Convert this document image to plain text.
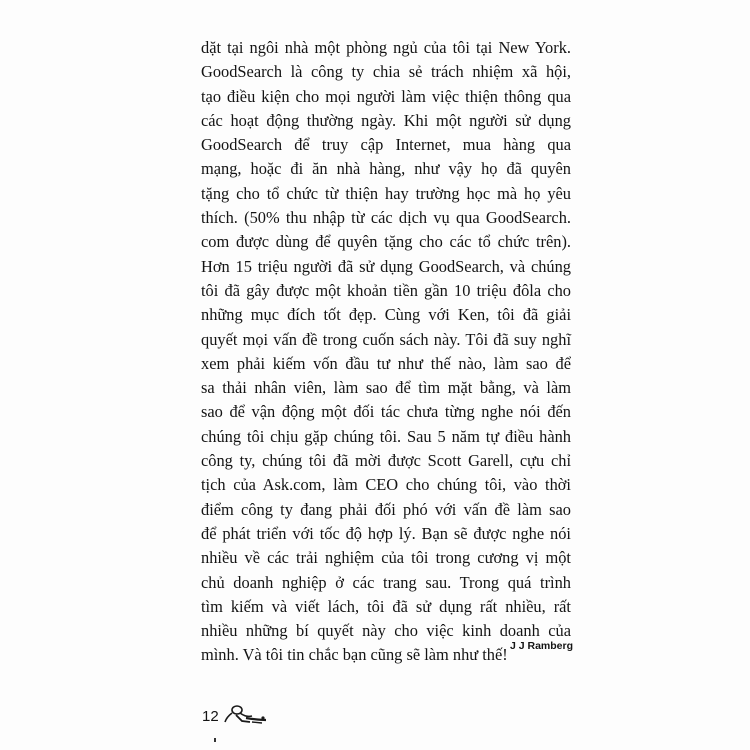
dặt tại ngôi nhà một phòng ngủ của tôi tại New York.
GoodSearch là công ty chia sẻ trách nhiệm xã hội,
tạo điều kiện cho mọi người làm việc thiện thông qua
các hoạt động thường ngày. Khi một người sử dụng
GoodSearch để truy cập Internet, mua hàng qua
mạng, hoặc đi ăn nhà hàng, như vậy họ đã quyên
tặng cho tổ chức từ thiện hay trường học mà họ yêu
thích. (50% thu nhập từ các dịch vụ qua GoodSearch.
com được dùng để quyên tặng cho các tổ chức trên).
Hơn 15 triệu người đã sử dụng GoodSearch, và chúng
tôi đã gây được một khoản tiền gần 10 triệu đôla cho
những mục đích tốt đẹp. Cùng với Ken, tôi đã giải
quyết mọi vấn đề trong cuốn sách này. Tôi đã suy nghĩ
xem phải kiếm vốn đầu tư như thế nào, làm sao để
sa thải nhân viên, làm sao để tìm mặt bằng, và làm
sao để vận động một đối tác chưa từng nghe nói đến
chúng tôi chịu gặp chúng tôi. Sau 5 năm tự điều hành
công ty, chúng tôi đã mời được Scott Garell, cựu chỉ
tịch của Ask.com, làm CEO cho chúng tôi, vào thời
điểm công ty đang phải đối phó với vấn đề làm sao
để phát triển với tốc độ hợp lý. Bạn sẽ được nghe nói
nhiều về các trải nghiệm của tôi trong cương vị một
chủ doanh nghiệp ở các trang sau. Trong quá trình
tìm kiếm và viết lách, tôi đã sử dụng rất nhiều, rất
nhiều những bí quyết này cho việc kinh doanh của
mình. Và tôi tin chắc bạn cũng sẽ làm như thế! J J Ramberg
12
